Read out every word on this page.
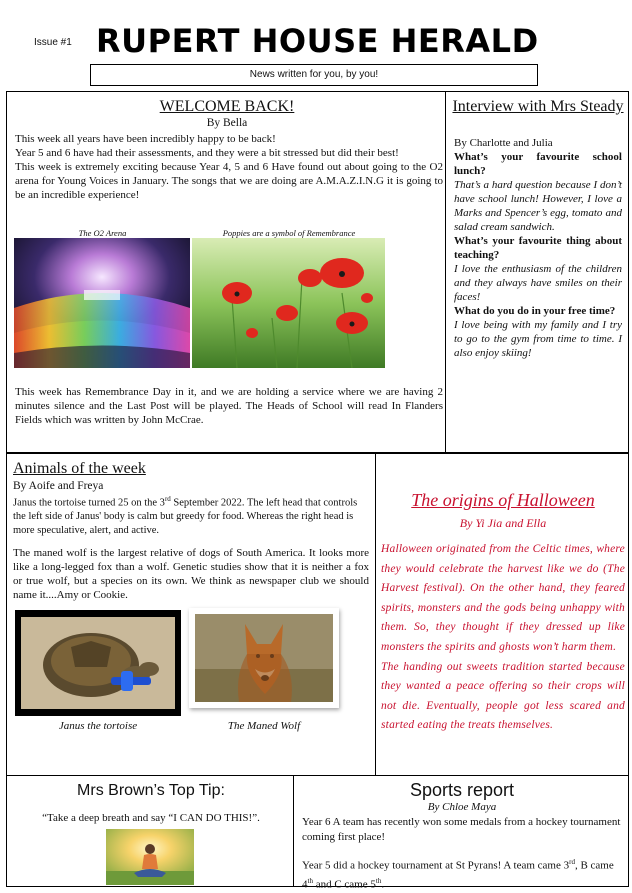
Issue #1 RUPERT HOUSE HERALD
News written for you, by you!
WELCOME BACK!
By Bella
This week all years have been incredibly happy to be back!
Year 5 and 6 have had their assessments, and they were a bit stressed but did their best!
This week is extremely exciting because Year 4, 5 and 6 Have found out about going to the O2 arena for Young Voices in January. The songs that we are doing are A.M.A.Z.I.N.G it is going to be an incredible experience!
The O2 Arena	Poppies are a symbol of Remembrance
This week has Remembrance Day in it, and we are holding a service where we are having 2 minutes silence and the Last Post will be played. The Heads of School will read In Flanders Fields which was written by John McCrae.
Interview with Mrs Steady

By Charlotte and Julia

What’s your favourite school lunch?

That’s a hard question because I don’t have school lunch! However, I love a Marks and Spencer’s egg, tomato and salad cream sandwich.

What’s your favourite thing about teaching?

I love the enthusiasm of the children and they always have smiles on their faces!

What do you do in your free time?

I love being with my family and I try to go to the gym from time to time. I also enjoy skiing!

Animals of the week
By Aoife and Freya
Janus the tortoise turned 25 on the 3rd September 2022. The left head that controls the left side of Janus' body is calm but greedy for food. Whereas the right head is more speculative, alert, and active.
The maned wolf is the largest relative of dogs of South America. It looks more like a long-legged fox than a wolf. Genetic studies show that it is neither a fox or true wolf, but a species on its own. We think as newspaper club we should name it....Amy or Cookie.
Janus the tortoise	The Maned Wolf
The origins of Halloween
By Yi Jia and Ella
Halloween originated from the Celtic times, where they would celebrate the harvest like we do (The Harvest festival). On the other hand, they feared spirits, monsters and the gods being unhappy with them. So, they thought if they dressed up like monsters the spirits and ghosts won’t harm them.
The handing out sweets tradition started because they wanted a peace offering so their crops will not die. Eventually, people got less scared and started eating the treats themselves.
Mrs Brown’s Top Tip:
“Take a deep breath and say “I CAN DO THIS!”.
Sports report
By Chloe Maya
Year 6 A team has recently won some medals from a hockey tournament coming first place!
Year 5 did a hockey tournament at St Pyrans! A team came 3rd, B came 4th and C came 5th.
